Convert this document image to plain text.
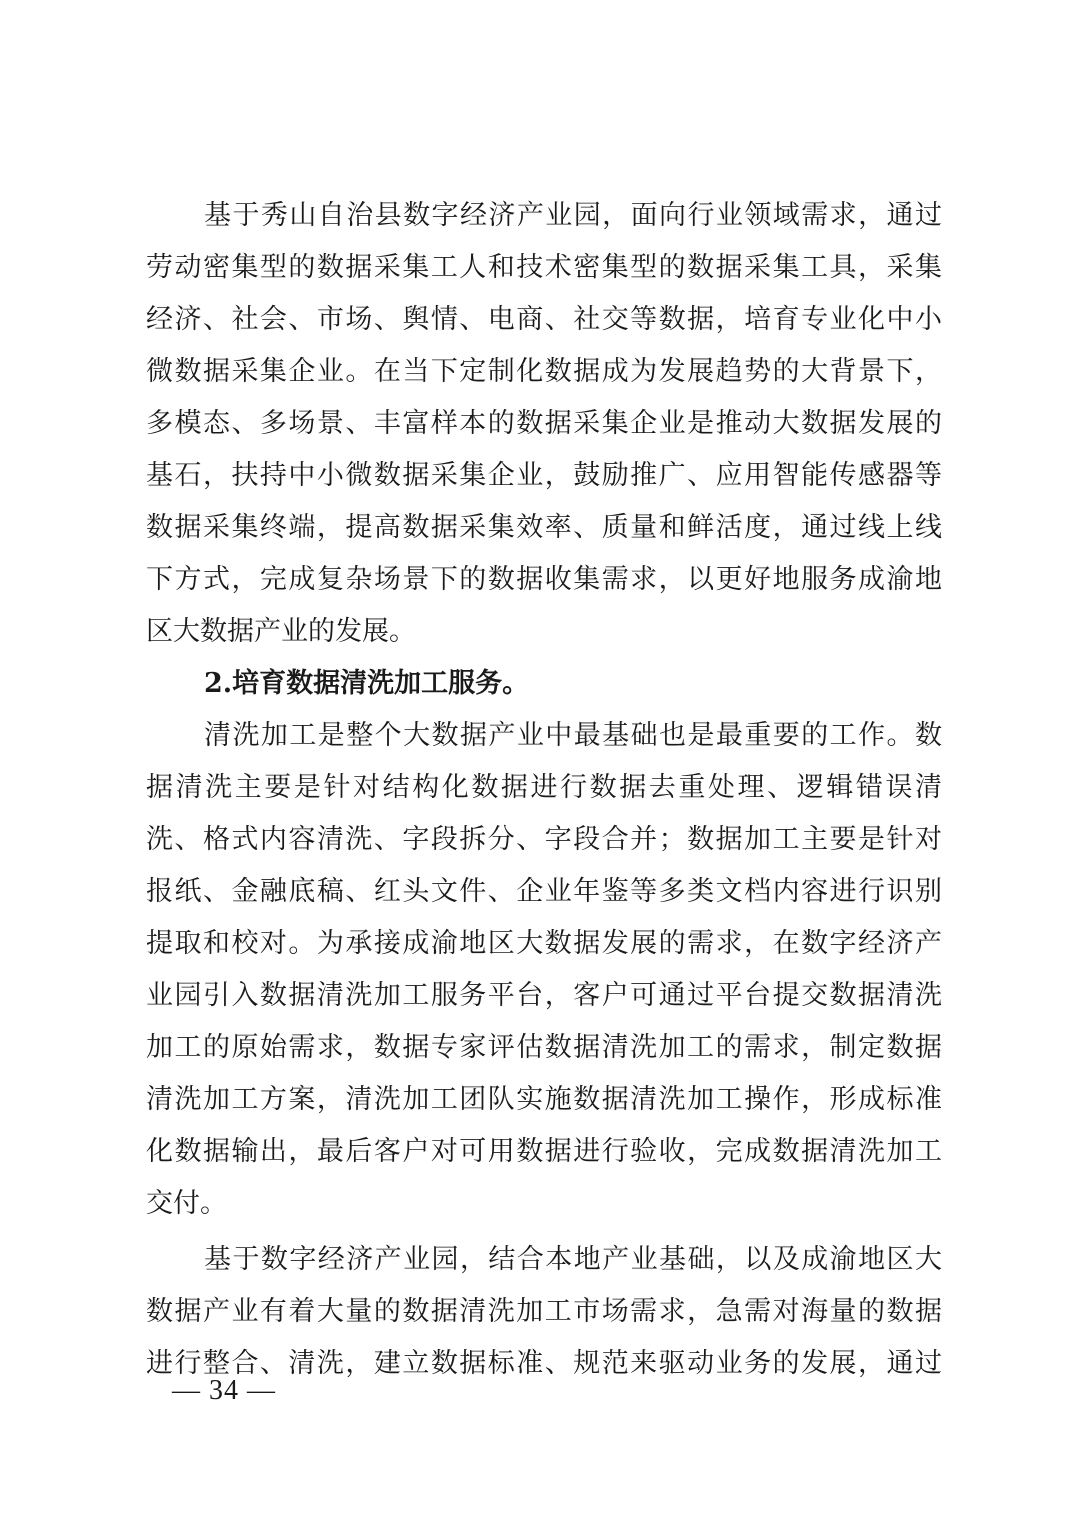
基于秀山自治县数字经济产业园，面向行业领域需求，通过
劳动密集型的数据采集工人和技术密集型的数据采集工具，采集
经济、社会、市场、舆情、电商、社交等数据，培育专业化中小
微数据采集企业。在当下定制化数据成为发展趋势的大背景下，
多模态、多场景、丰富样本的数据采集企业是推动大数据发展的
基石，扶持中小微数据采集企业，鼓励推广、应用智能传感器等
数据采集终端，提高数据采集效率、质量和鲜活度，通过线上线
下方式，完成复杂场景下的数据收集需求，以更好地服务成渝地
区大数据产业的发展。
2.培育数据清洗加工服务。
清洗加工是整个大数据产业中最基础也是最重要的工作。数
据清洗主要是针对结构化数据进行数据去重处理、逻辑错误清
洗、格式内容清洗、字段拆分、字段合并；数据加工主要是针对
报纸、金融底稿、红头文件、企业年鉴等多类文档内容进行识别
提取和校对。为承接成渝地区大数据发展的需求，在数字经济产
业园引入数据清洗加工服务平台，客户可通过平台提交数据清洗
加工的原始需求，数据专家评估数据清洗加工的需求，制定数据
清洗加工方案，清洗加工团队实施数据清洗加工操作，形成标准
化数据输出，最后客户对可用数据进行验收，完成数据清洗加工
交付。
基于数字经济产业园，结合本地产业基础，以及成渝地区大
数据产业有着大量的数据清洗加工市场需求，急需对海量的数据
进行整合、清洗，建立数据标准、规范来驱动业务的发展，通过
— 34 —
